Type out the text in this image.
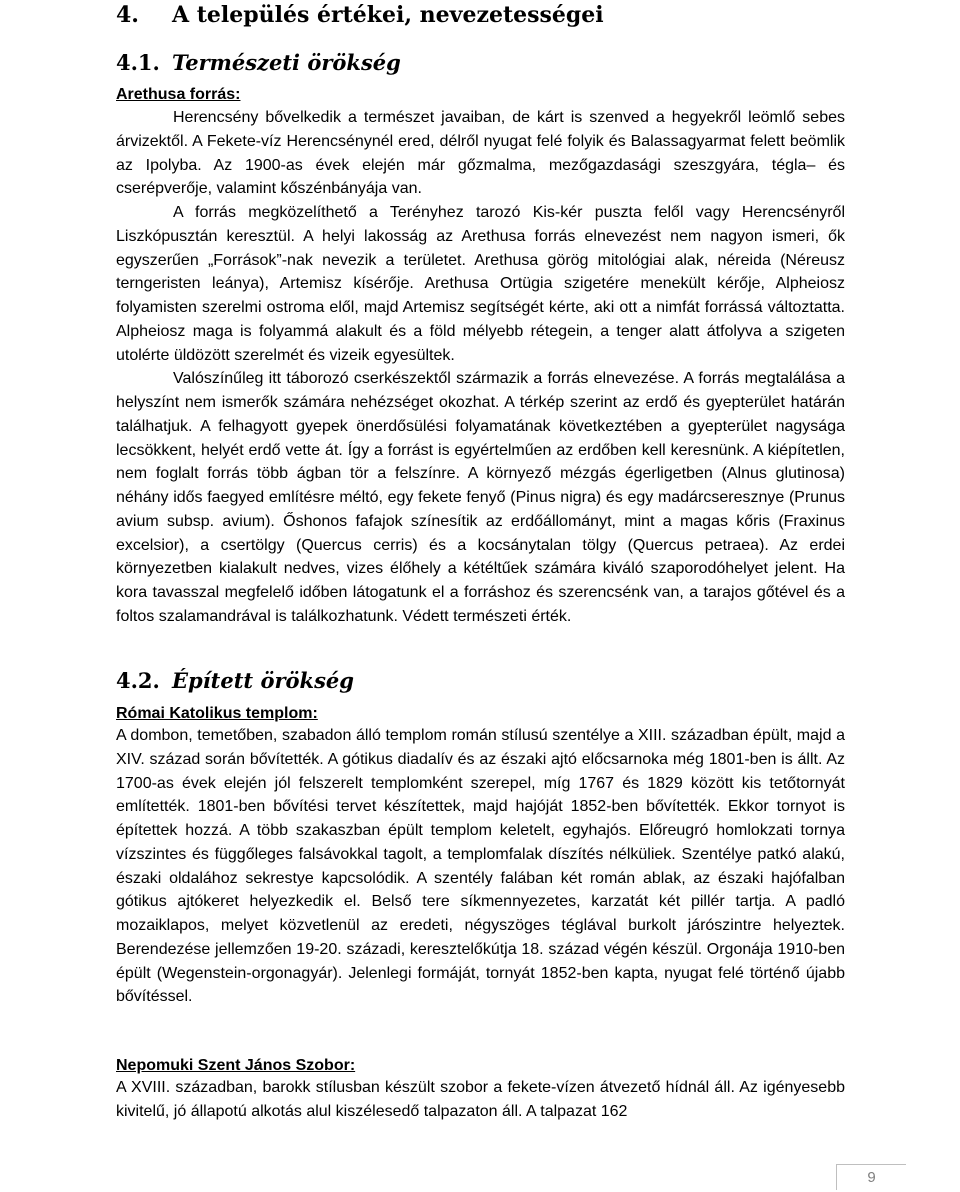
4. A település értékei, nevezetességei
4.1. Természeti örökség
Arethusa forrás:
Herencsény bővelkedik a természet javaiban, de kárt is szenved a hegyekről leömlő sebes árvizektől. A Fekete-víz Herencsénynél ered, délről nyugat felé folyik és Balassagyarmat felett beömlik az Ipolyba. Az 1900-as évek elején már gőzmalma, mezőgazdasági szeszgyára, tégla– és cserépverője, valamint kőszénbányája van.
A forrás megközelíthető a Terényhez tarozó Kis-kér puszta felől vagy Herencsényről Liszkópusztán keresztül. A helyi lakosság az Arethusa forrás elnevezést nem nagyon ismeri, ők egyszerűen „Források”-nak nevezik a területet. Arethusa görög mitológiai alak, néreida (Néreusz terngeristen leánya), Artemisz kísérője. Arethusa Ortügia szigetére menekült kérője, Alpheiosz folyamisten szerelmi ostroma elől, majd Artemisz segítségét kérte, aki ott a nimfát forrássá változtatta. Alpheiosz maga is folyammá alakult és a föld mélyebb rétegein, a tenger alatt átfolyva a szigeten utolérte üldözött szerelmét és vizeik egyesültek.
Valószínűleg itt táborozó cserkészektől származik a forrás elnevezése. A forrás megtalálása a helyszínt nem ismerők számára nehézséget okozhat. A térkép szerint az erdő és gyepterület határán találhatjuk. A felhagyott gyepek önerdősülési folyamatának következtében a gyepterület nagysága lecsökkent, helyét erdő vette át. Így a forrást is egyértelműen az erdőben kell keresnünk. A kiépítetlen, nem foglalt forrás több ágban tör a felszínre. A környező mézgás égerligetben (Alnus glutinosa) néhány idős faegyed említésre méltó, egy fekete fenyő (Pinus nigra) és egy madárcseresznye (Prunus avium subsp. avium). Őshonos fafajok színesítik az erdőállományt, mint a magas kőris (Fraxinus excelsior), a csertölgy (Quercus cerris) és a kocsánytalan tölgy (Quercus petraea). Az erdei környezetben kialakult nedves, vizes élőhely a kétéltűek számára kiváló szaporodóhelyet jelent. Ha kora tavasszal megfelelő időben látogatunk el a forráshoz és szerencsénk van, a tarajos gőtével és a foltos szalamandrával is találkozhatunk. Védett természeti érték.
4.2. Épített örökség
Római Katolikus templom:
A dombon, temetőben, szabadon álló templom román stílusú szentélye a XIII. században épült, majd a XIV. század során bővítették. A gótikus diadalív és az északi ajtó előcsarnoka még 1801-ben is állt. Az 1700-as évek elején jól felszerelt templomként szerepel, míg 1767 és 1829 között kis tetőtornyát említették. 1801-ben bővítési tervet készítettek, majd hajóját 1852-ben bővítették. Ekkor tornyot is építettek hozzá. A több szakaszban épült templom keletelt, egyhajós. Előreugró homlokzati tornya vízszintes és függőleges falsávokkal tagolt, a templomfalak díszítés nélküliek. Szentélye patkó alakú, északi oldalához sekrestye kapcsolódik. A szentély falában két román ablak, az északi hajófalban gótikus ajtókeret helyezkedik el. Belső tere síkmennyezetes, karzatát két pillér tartja. A padló mozaiklapos, melyet közvetlenül az eredeti, négyszöges téglával burkolt járószintre helyeztek. Berendezése jellemzően 19-20. századi, keresztelőkútja 18. század végén készül. Orgonája 1910-ben épült (Wegenstein-orgonagyár). Jelenlegi formáját, tornyát 1852-ben kapta, nyugat felé történő újabb bővítéssel.
Nepomuki Szent János Szobor:
A XVIII. században, barokk stílusban készült szobor a fekete-vízen átvezető hídnál áll. Az igényesebb kivitelű, jó állapotú alkotás alul kiszélesedő talpazaton áll. A talpazat 162
9
